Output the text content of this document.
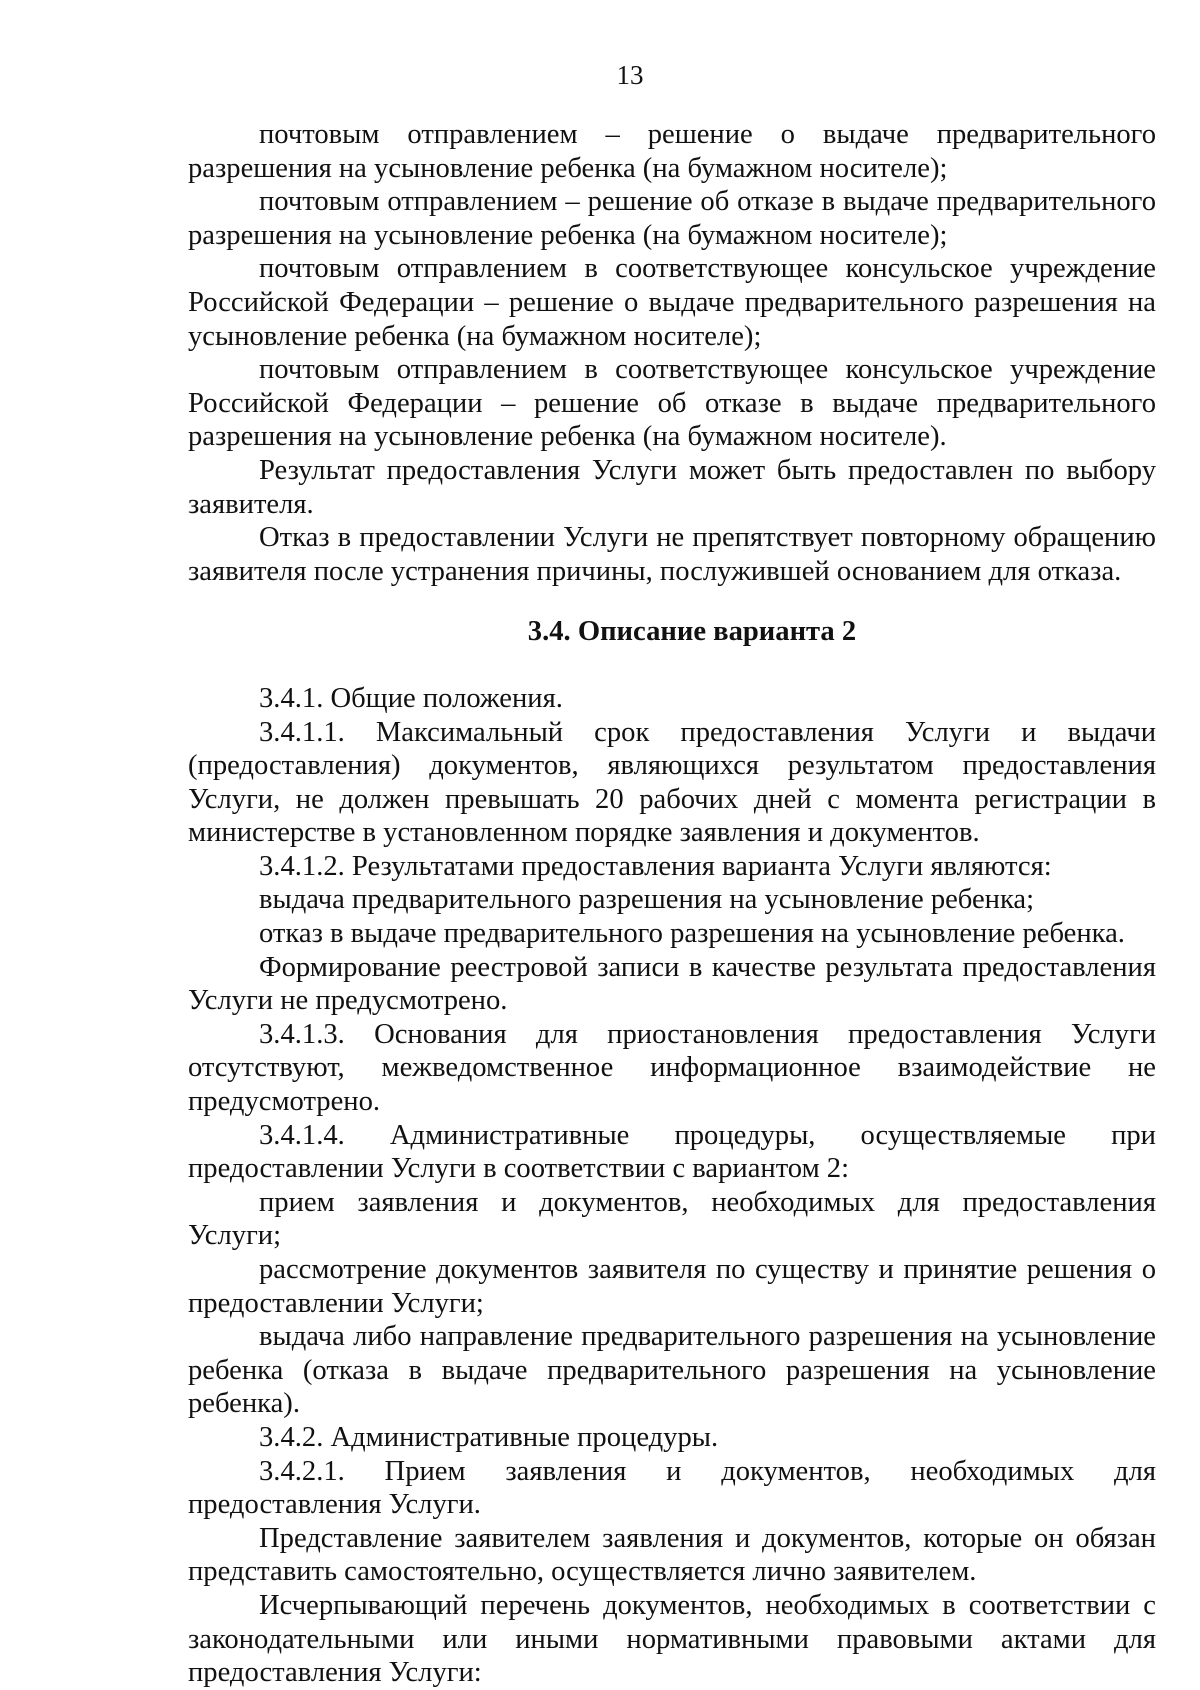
13

почтовым отправлением – решение о выдаче предварительного разрешения на усыновление ребенка (на бумажном носителе);

почтовым отправлением – решение об отказе в выдаче предварительного разрешения на усыновление ребенка (на бумажном носителе);

почтовым отправлением в соответствующее консульское учреждение Российской Федерации – решение о выдаче предварительного разрешения на усыновление ребенка (на бумажном носителе);

почтовым отправлением в соответствующее консульское учреждение Российской Федерации – решение об отказе в выдаче предварительного разрешения на усыновление ребенка (на бумажном носителе).

Результат предоставления Услуги может быть предоставлен по выбору заявителя.

Отказ в предоставлении Услуги не препятствует повторному обращению заявителя после устранения причины, послужившей основанием для отказа.

3.4. Описание варианта 2

3.4.1. Общие положения.

3.4.1.1. Максимальный срок предоставления Услуги и выдачи (предоставления) документов, являющихся результатом предоставления Услуги, не должен превышать 20 рабочих дней с момента регистрации в министерстве в установленном порядке заявления и документов.

3.4.1.2. Результатами предоставления варианта Услуги являются:

выдача предварительного разрешения на усыновление ребенка;

отказ в выдаче предварительного разрешения на усыновление ребенка.

Формирование реестровой записи в качестве результата предоставления Услуги не предусмотрено.

3.4.1.3. Основания для приостановления предоставления Услуги отсутствуют, межведомственное информационное взаимодействие не предусмотрено.

3.4.1.4. Административные процедуры, осуществляемые при предоставлении Услуги в соответствии с вариантом 2:

прием заявления и документов, необходимых для предоставления Услуги;

рассмотрение документов заявителя по существу и принятие решения о предоставлении Услуги;

выдача либо направление предварительного разрешения на усыновление ребенка (отказа в выдаче предварительного разрешения на усыновление ребенка).

3.4.2. Административные процедуры.

3.4.2.1. Прием заявления и документов, необходимых для предоставления Услуги.

Представление заявителем заявления и документов, которые он обязан представить самостоятельно, осуществляется лично заявителем.

Исчерпывающий перечень документов, необходимых в соответствии с законодательными или иными нормативными правовыми актами для предоставления Услуги:
